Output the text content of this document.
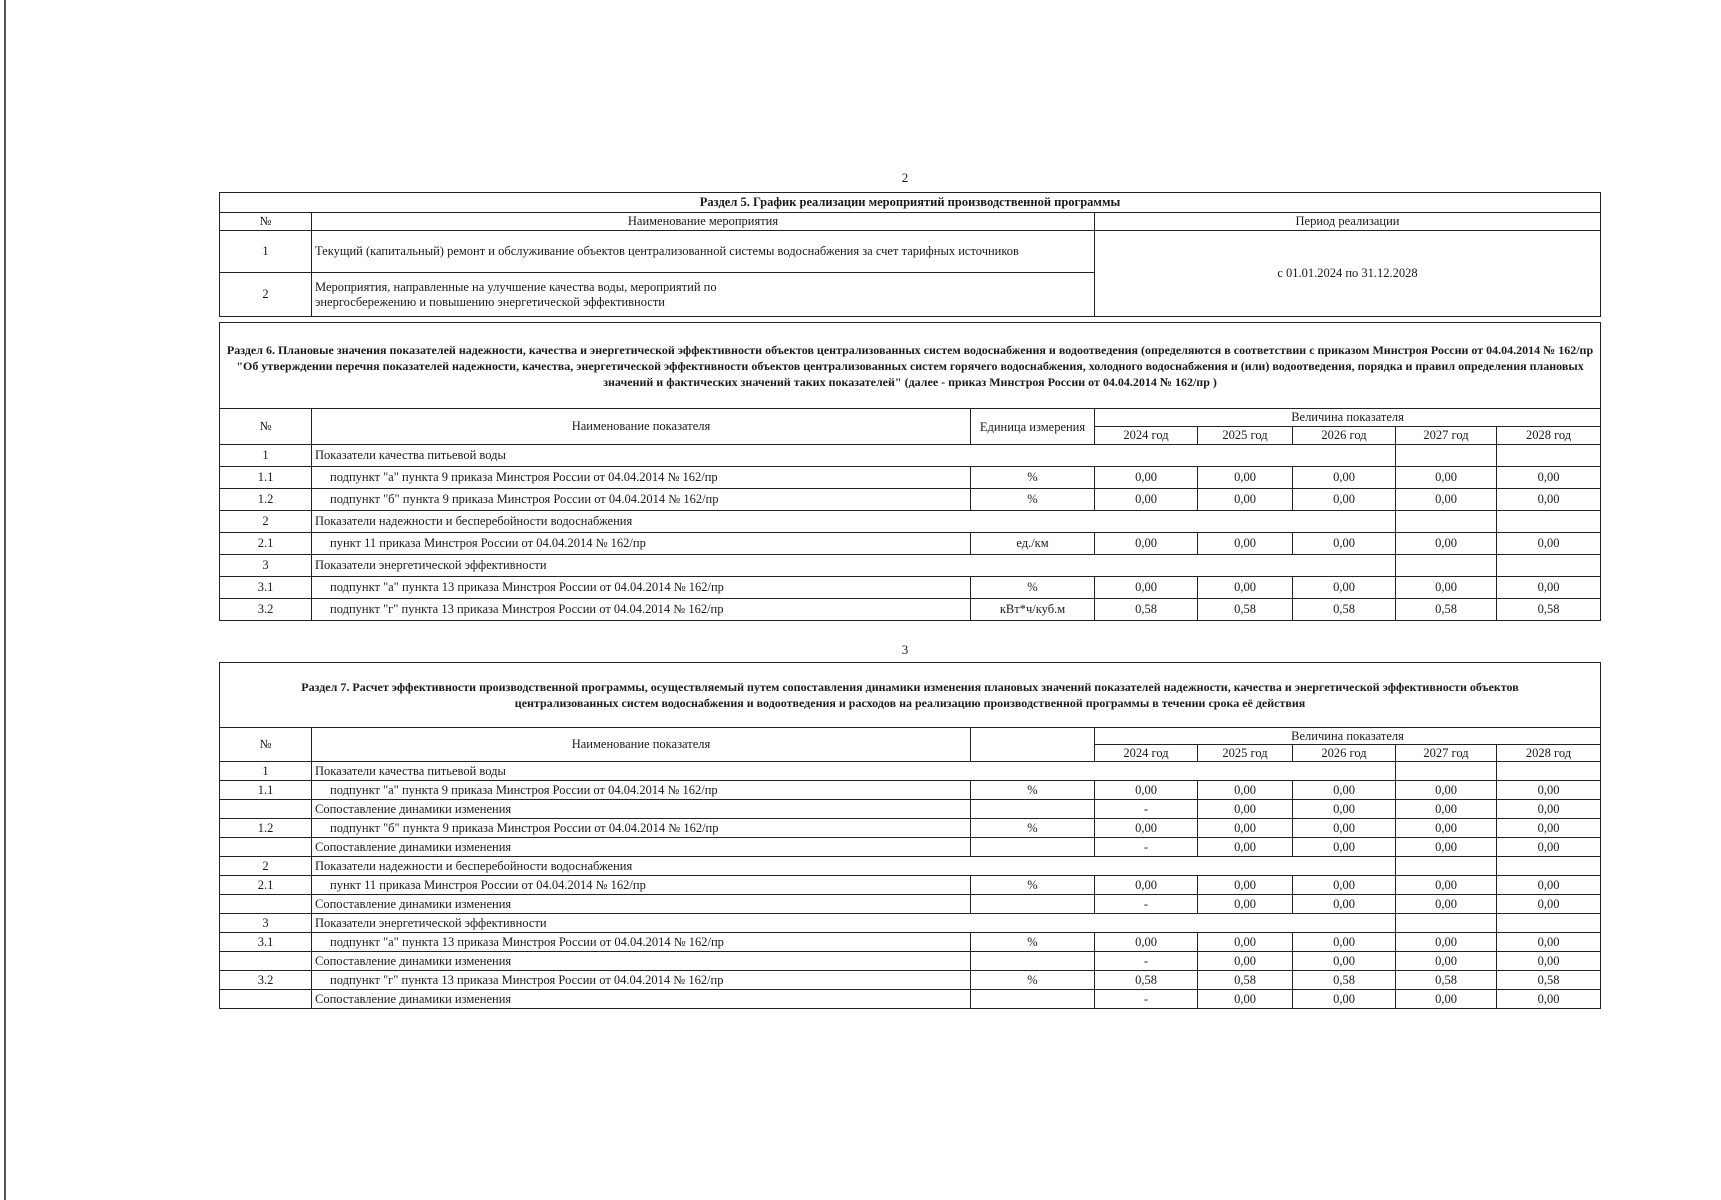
2
Раздел 5. График реализации мероприятий производственной программы		
№	Наименование мероприятия	Период реализации
1	Текущий (капитальный) ремонт и обслуживание объектов централизованной системы водоснабжения за счет тарифных источников	с 01.01.2024 по 31.12.2028
2	Мероприятия, направленные на улучшение качества воды, мероприятий по энергосбережению и повышению энергетической эффективности	
Раздел 6. Плановые значения показателей надежности, качества и энергетической эффективности объектов централизованных систем водоснабжения и водоотведения (определяются в соответствии с приказом Минстроя России от 04.04.2014 № 162/пр "Об утверждении перечня показателей надежности, качества, энергетической эффективности объектов централизованных систем горячего водоснабжения, холодного водоснабжения и (или) водоотведения, порядка и правил определения плановых значений и фактических значений таких показателей" (далее - приказ Минстроя России от 04.04.2014 № 162/пр )							
№	Наименование показателя	Единица измерения	Величина показателя				
			2024 год	2025 год	2026 год	2027 год	2028 год
1	Показатели качества питьевой воды						
1.1	подпункт "а" пункта 9 приказа Минстроя России от 04.04.2014 № 162/пр	%	0,00	0,00	0,00	0,00	0,00
1.2	подпункт "б" пункта 9 приказа Минстроя России от 04.04.2014 № 162/пр	%	0,00	0,00	0,00	0,00	0,00
2	Показатели надежности и бесперебойности водоснабжения						
2.1	пункт 11 приказа Минстроя России от 04.04.2014 № 162/пр	ед./км	0,00	0,00	0,00	0,00	0,00
3	Показатели энергетической эффективности						
3.1	подпункт "а" пункта 13 приказа Минстроя России от 04.04.2014 № 162/пр	%	0,00	0,00	0,00	0,00	0,00
3.2	подпункт "г" пункта 13 приказа Минстроя России от 04.04.2014 № 162/пр	кВт*ч/куб.м	0,58	0,58	0,58	0,58	0,58
3
Раздел 7. Расчет эффективности производственной программы, осуществляемый путем сопоставления динамики изменения плановых значений показателей надежности, качества и энергетической эффективности объектов централизованных систем водоснабжения и водоотведения и расходов на реализацию производственной программы в течении срока её действия							
№	Наименование показателя		Величина показателя				
			2024 год	2025 год	2026 год	2027 год	2028 год
1	Показатели качества питьевой воды						
1.1	подпункт "а" пункта 9 приказа Минстроя России от 04.04.2014 № 162/пр	%	0,00	0,00	0,00	0,00	0,00
	Сопоставление динамики изменения		-	0,00	0,00	0,00	0,00
1.2	подпункт "б" пункта 9 приказа Минстроя России от 04.04.2014 № 162/пр	%	0,00	0,00	0,00	0,00	0,00
	Сопоставление динамики изменения		-	0,00	0,00	0,00	0,00
2	Показатели надежности и бесперебойности водоснабжения						
2.1	пункт 11 приказа Минстроя России от 04.04.2014 № 162/пр	%	0,00	0,00	0,00	0,00	0,00
	Сопоставление динамики изменения		-	0,00	0,00	0,00	0,00
3	Показатели энергетической эффективности						
3.1	подпункт "а" пункта 13 приказа Минстроя России от 04.04.2014 № 162/пр	%	0,00	0,00	0,00	0,00	0,00
	Сопоставление динамики изменения		-	0,00	0,00	0,00	0,00
3.2	подпункт "г" пункта 13 приказа Минстроя России от 04.04.2014 № 162/пр	%	0,58	0,58	0,58	0,58	0,58
	Сопоставление динамики изменения		-	0,00	0,00	0,00	0,00
